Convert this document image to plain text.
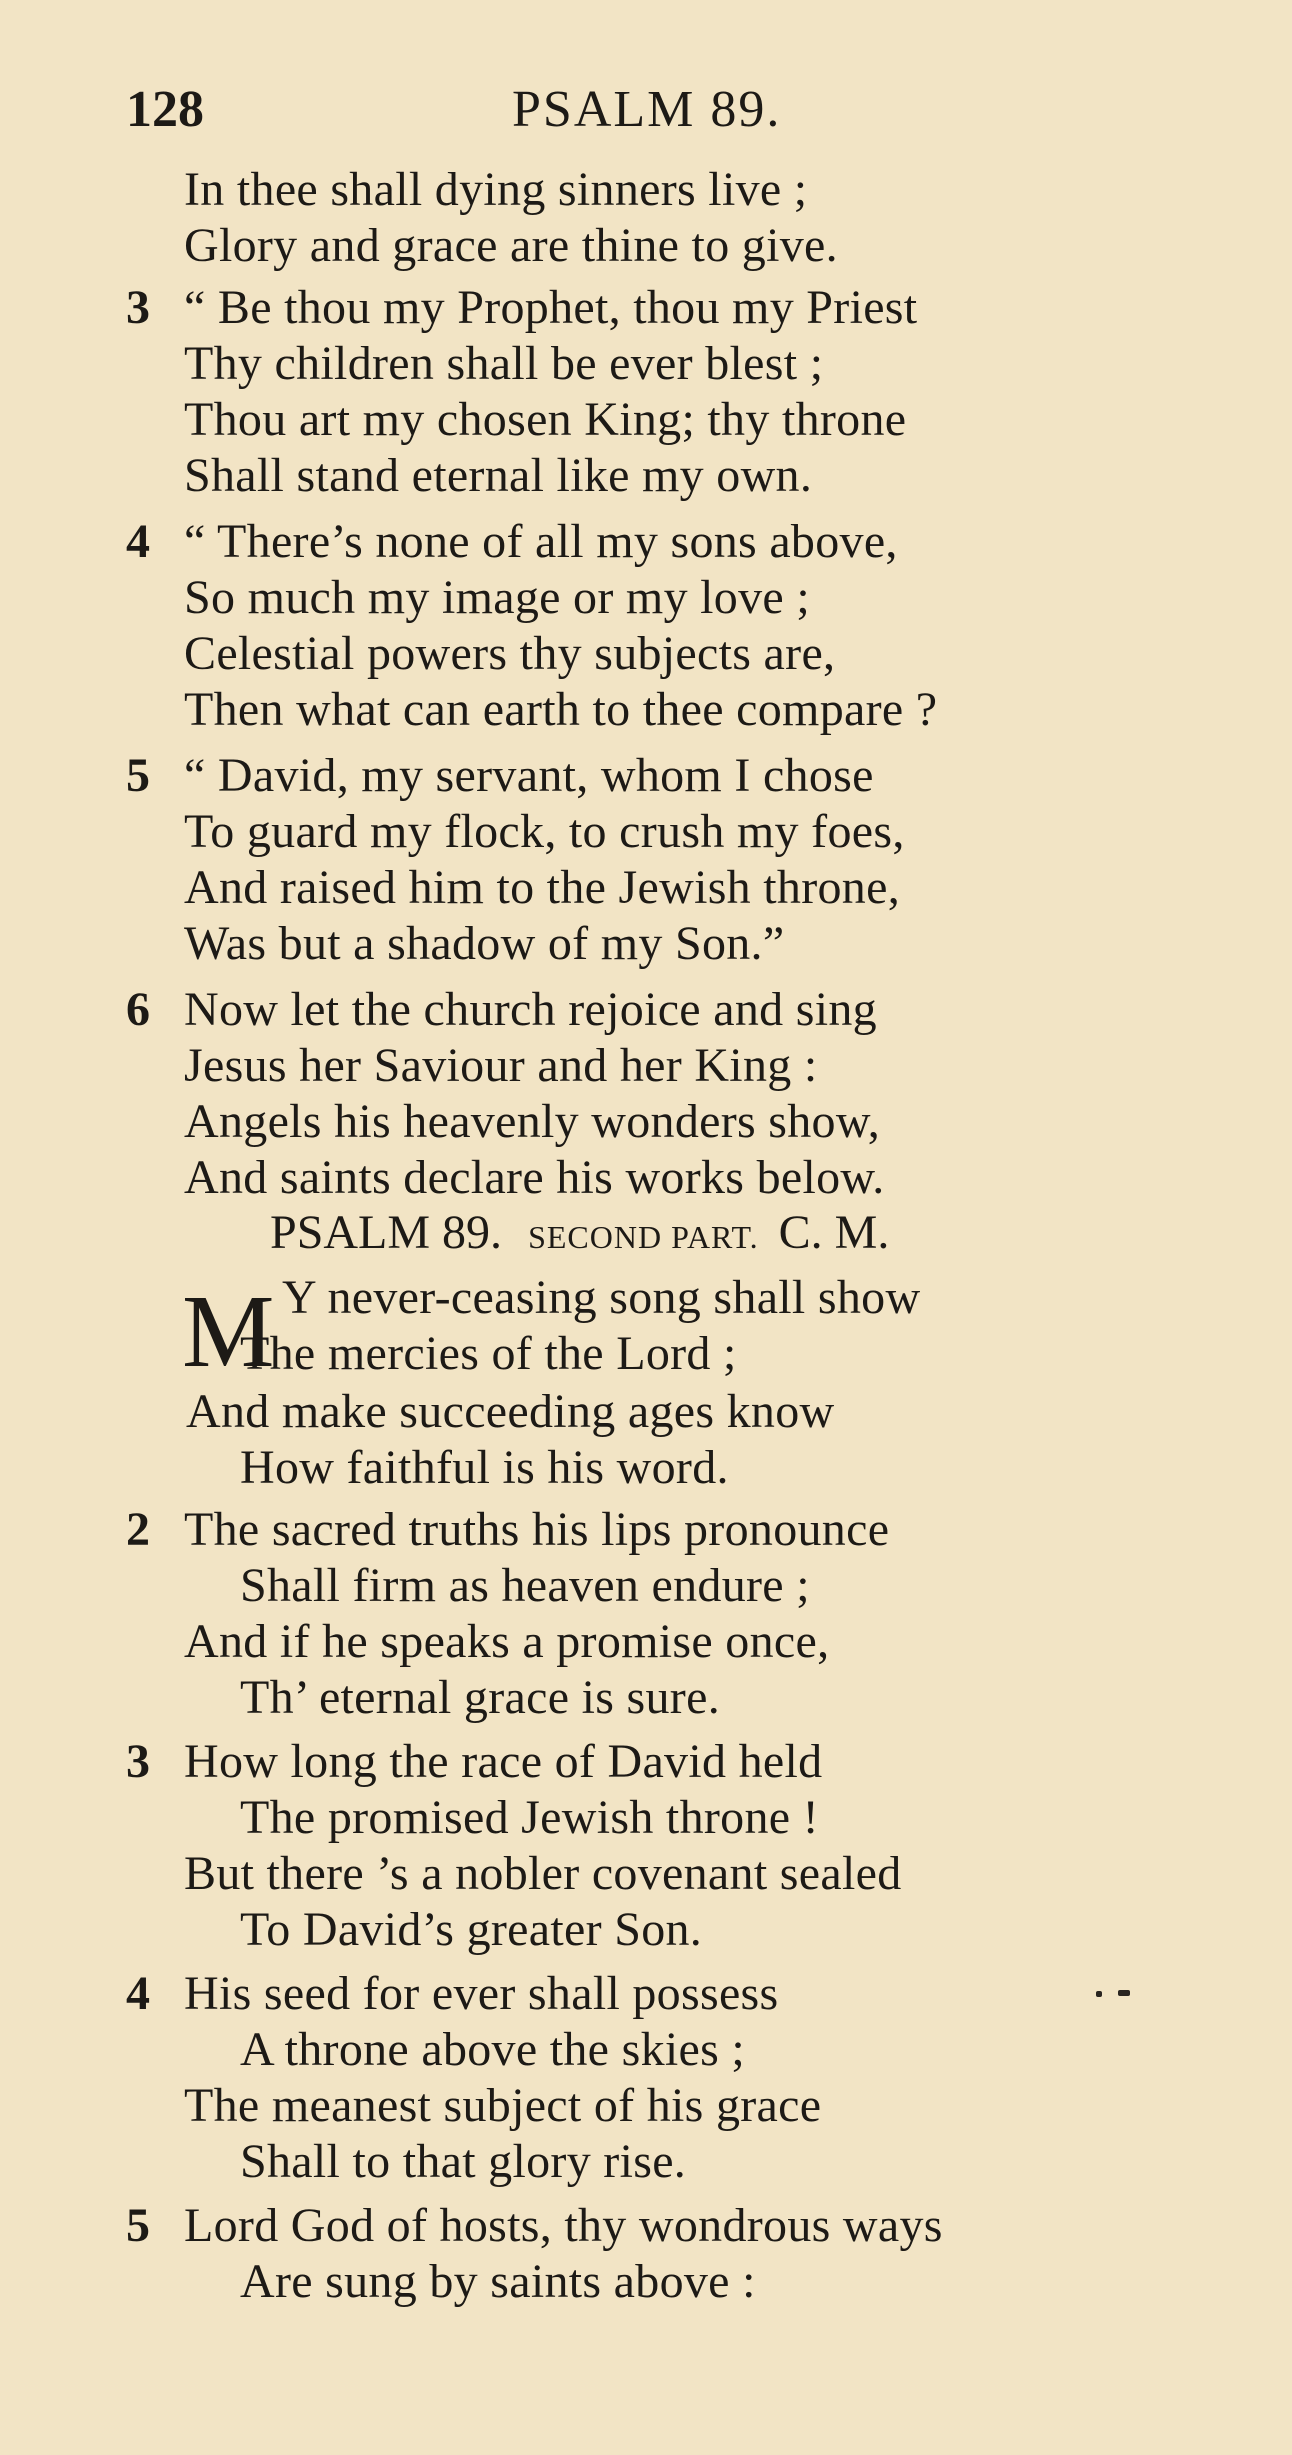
128	PSALM 89.
In thee shall dying sinners live ;
Glory and grace are thine to give.
3 “ Be thou my Prophet, thou my Priest
Thy children shall be ever blest ;
Thou art my chosen King; thy throne
Shall stand eternal like my own.
4 “ There’s none of all my sons above,
So much my image or my love ;
Celestial powers thy subjects are,
Then what can earth to thee compare ?
5 “ David, my servant, whom I chose
To guard my flock, to crush my foes,
And raised him to the Jewish throne,
Was but a shadow of my Son.”
6 Now let the church rejoice and sing
Jesus her Saviour and her King :
Angels his heavenly wonders show,
And saints declare his works below.
PSALM 89. SECOND PART. C. M.
M Y never-ceasing song shall show
The mercies of the Lord ;
And make succeeding ages know
How faithful is his word.
2 The sacred truths his lips pronounce
Shall firm as heaven endure ;
And if he speaks a promise once,
Th’ eternal grace is sure.
3 How long the race of David held
The promised Jewish throne !
But there ’s a nobler covenant sealed
To David’s greater Son.
4 His seed for ever shall possess
A throne above the skies ;
The meanest subject of his grace
Shall to that glory rise.
5 Lord God of hosts, thy wondrous ways
Are sung by saints above :
